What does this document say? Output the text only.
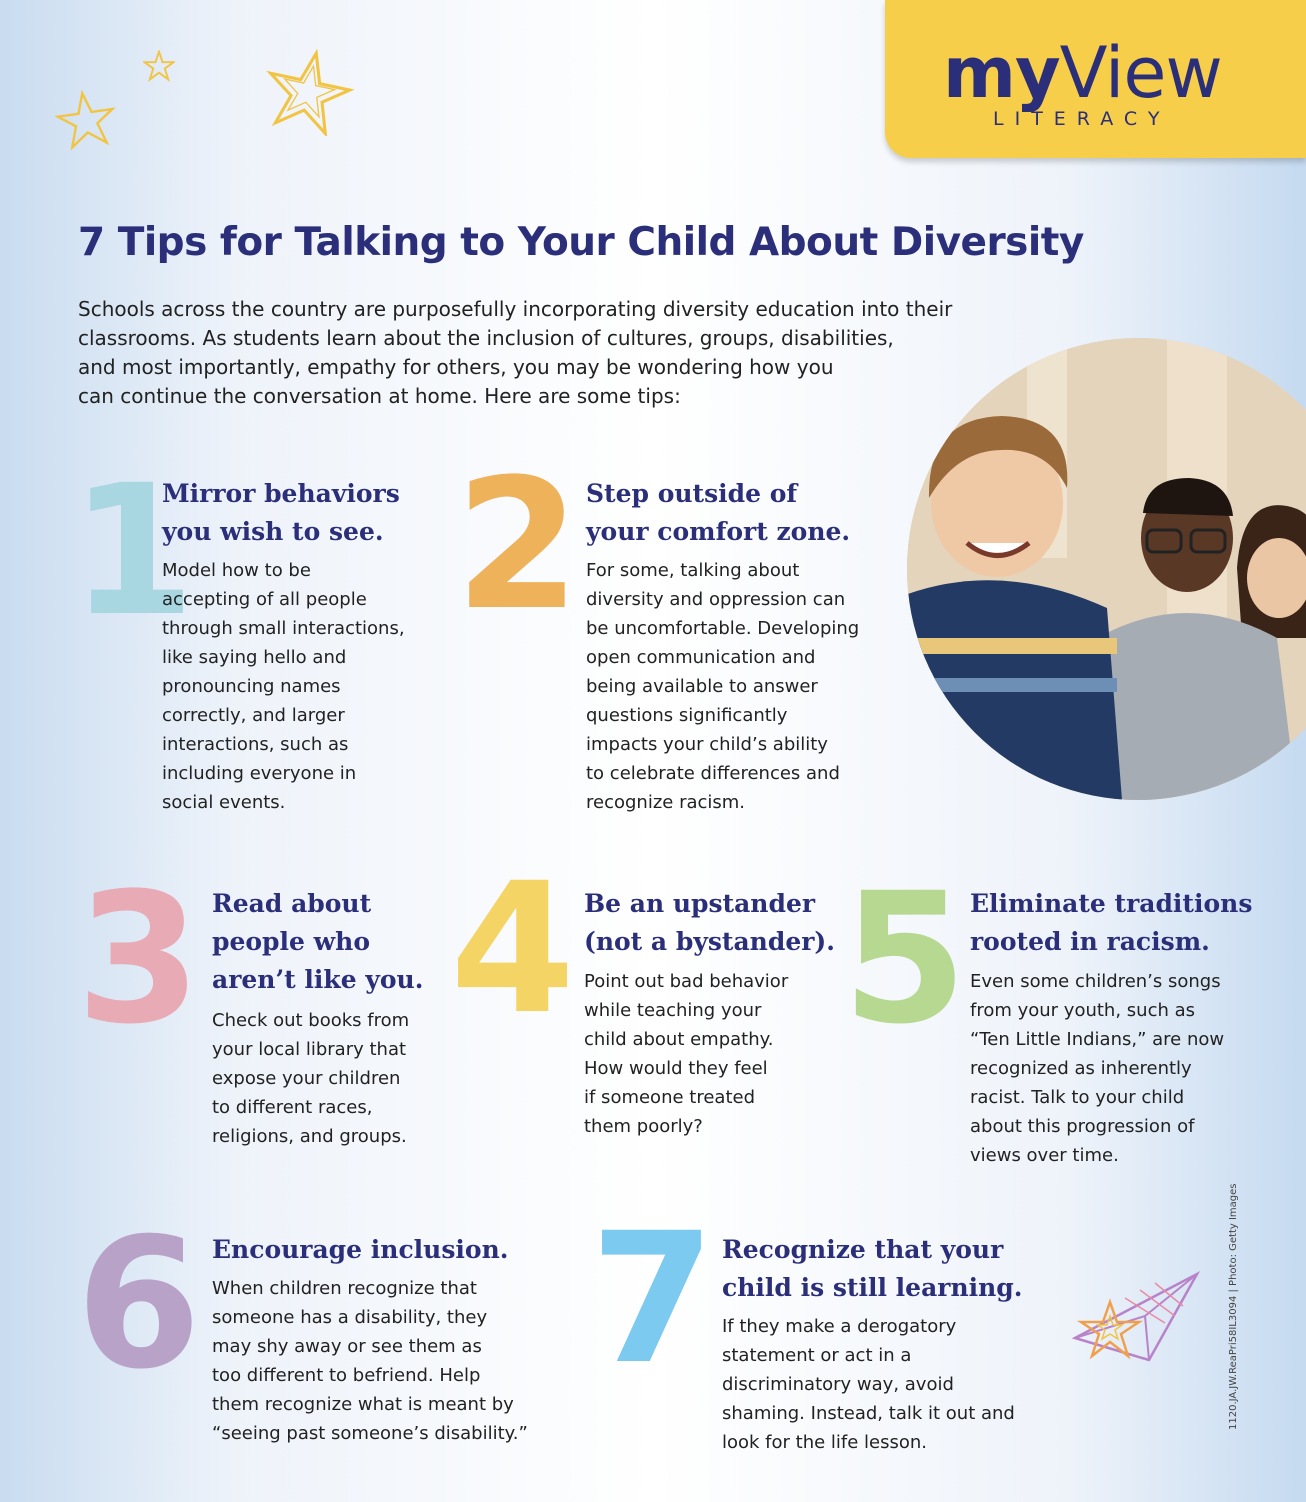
myView
LITERACY
7 Tips for Talking to Your Child About Diversity
Schools across the country are purposefully incorporating diversity education into their
classrooms. As students learn about the inclusion of cultures, groups, disabilities,
and most importantly, empathy for others, you may be wondering how you
can continue the conversation at home. Here are some tips:
1
Mirror behaviors
you wish to see.
Model how to be
accepting of all people
through small interactions,
like saying hello and
pronouncing names
correctly, and larger
interactions, such as
including everyone in
social events.
2 Step outside of
your comfort zone.
For some, talking about
diversity and oppression can
be uncomfortable. Developing
open communication and
being available to answer
questions significantly
impacts your child’s ability
to celebrate differences and
recognize racism.
3 Read about
people who
aren’t like you.
Check out books from
your local library that
expose your children
to different races,
religions, and groups.
4 Be an upstander
(not a bystander).
Point out bad behavior
while teaching your
child about empathy.
How would they feel
if someone treated
them poorly?
5 Eliminate traditions
rooted in racism.
Even some children’s songs
from your youth, such as
“Ten Little Indians,” are now
recognized as inherently
racist. Talk to your child
about this progression of
views over time.
6 Encourage inclusion.
When children recognize that
someone has a disability, they
may shy away or see them as
too different to befriend. Help
them recognize what is meant by
“seeing past someone’s disability.”
7 Recognize that your
child is still learning.
If they make a derogatory
statement or act in a
discriminatory way, avoid
shaming. Instead, talk it out and
look for the life lesson.
1120.JA.JW.ReaPri58IL3094 | Photo: Getty Images
